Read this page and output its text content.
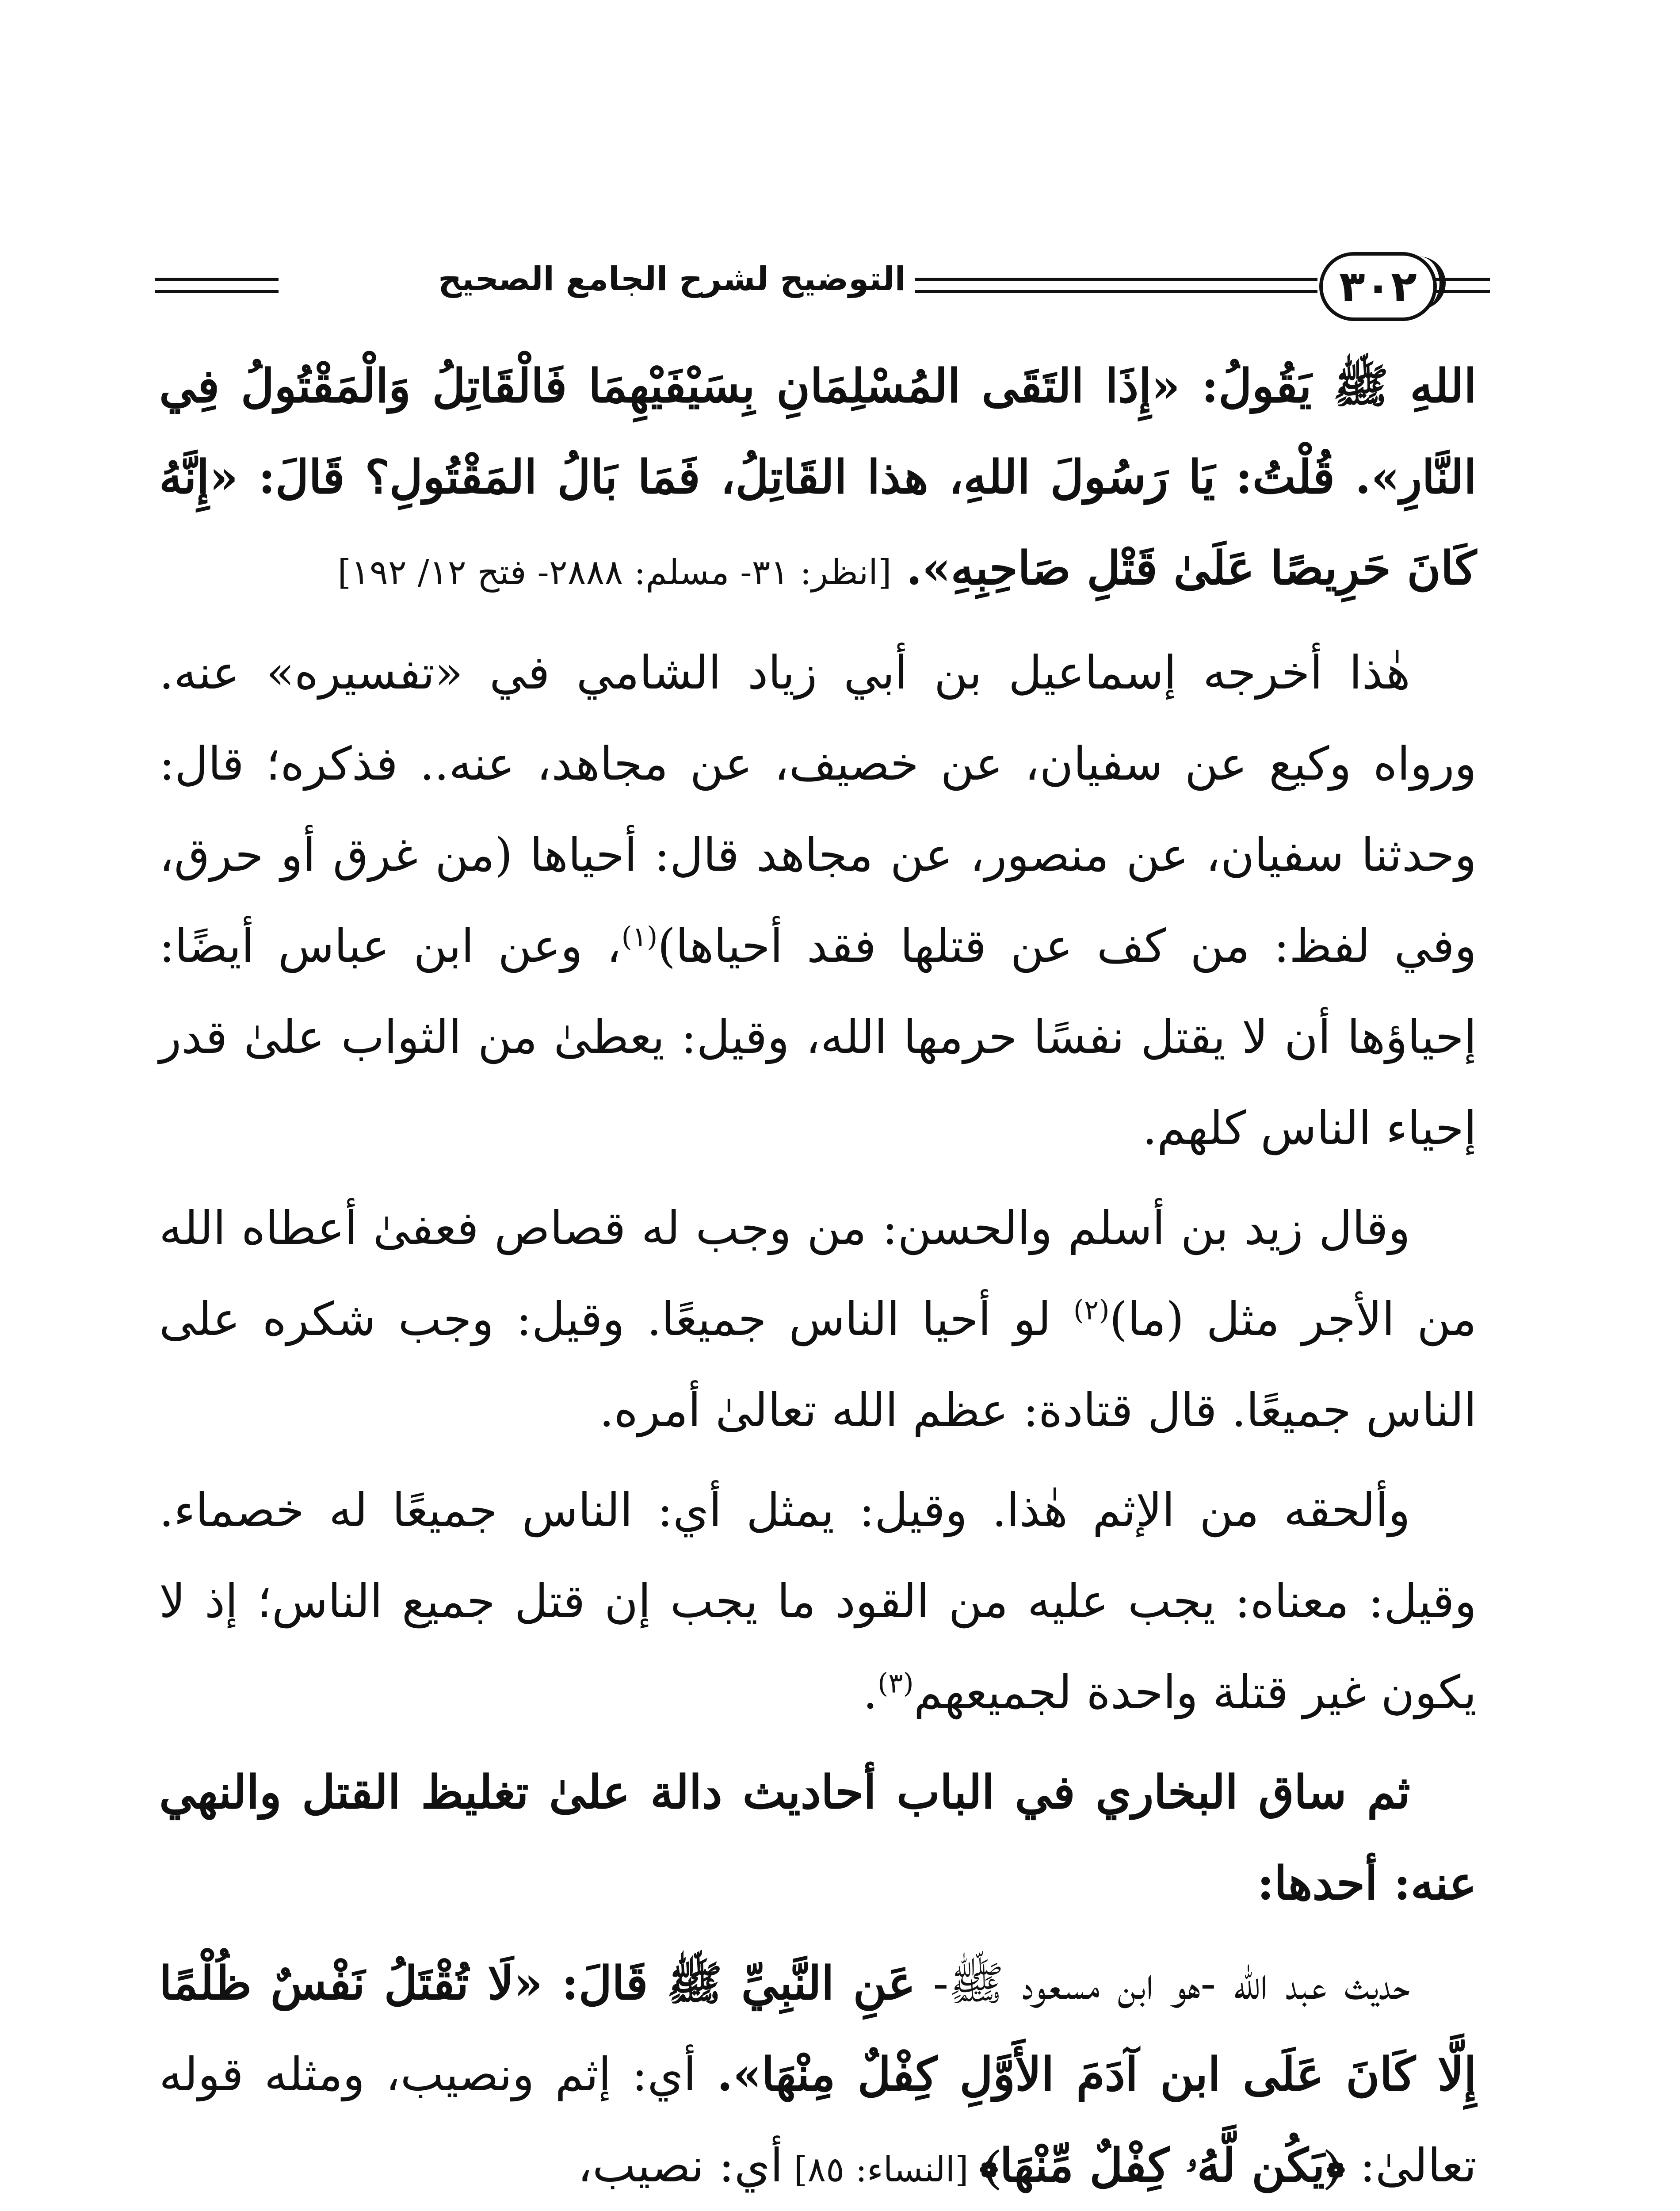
التوضيح لشرح الجامع الصحيح	٣٠٢

اللهِ ﷺ يَقُولُ: «إِذَا التَقَى المُسْلِمَانِ بِسَيْفَيْهِمَا فَالْقَاتِلُ وَالْمَقْتُولُ فِي النَّارِ». قُلْتُ: يَا رَسُولَ اللهِ، هذا القَاتِلُ، فَمَا بَالُ المَقْتُولِ؟ قَالَ: «إِنَّهُ كَانَ حَرِيصًا عَلَىٰ قَتْلِ صَاحِبِهِ». [انظر: ٣١- مسلم: ٢٨٨٨- فتح ١٢/ ١٩٢]

هٰذا أخرجه إسماعيل بن أبي زياد الشامي في «تفسيره» عنه. ورواه وكيع عن سفيان، عن خصيف، عن مجاهد، عنه.. فذكره؛ قال: وحدثنا سفيان، عن منصور، عن مجاهد قال: أحياها (من غرق أو حرق، وفي لفظ: من كف عن قتلها فقد أحياها)$^{(١)}$، وعن ابن عباس أيضًا: إحياؤها أن لا يقتل نفسًا حرمها الله، وقيل: يعطىٰ من الثواب علىٰ قدر إحياء الناس كلهم.

وقال زيد بن أسلم والحسن: من وجب له قصاص فعفىٰ أعطاه الله من الأجر مثل (ما)$^{(٢)}$ لو أحيا الناس جميعًا. وقيل: وجب شكره على الناس جميعًا. قال قتادة: عظم الله تعالىٰ أمره.

وألحقه من الإثم هٰذا. وقيل: يمثل أي: الناس جميعًا له خصماء. وقيل: معناه: يجب عليه من القود ما يجب إن قتل جميع الناس؛ إذ لا يكون غير قتلة واحدة لجميعهم$^{(٣)}$.

ثم ساق البخاري في الباب أحاديث دالة علىٰ تغليظ القتل والنهي عنه: أحدها:

حديث عبد الله -هو ابن مسعود ﷺ- عَنِ النَّبِيِّ ﷺ قَالَ: «لَا تُقْتَلُ نَفْسٌ ظُلْمًا إِلَّا كَانَ عَلَى ابن آدَمَ الأَوَّلِ كِفْلٌ مِنْهَا». أي: إثم ونصيب، ومثله قوله تعالىٰ: ﴿يَكُن لَّهُۥ كِفْلٌ مِّنْهَا﴾ [النساء: ٨٥] أي: نصيب،
